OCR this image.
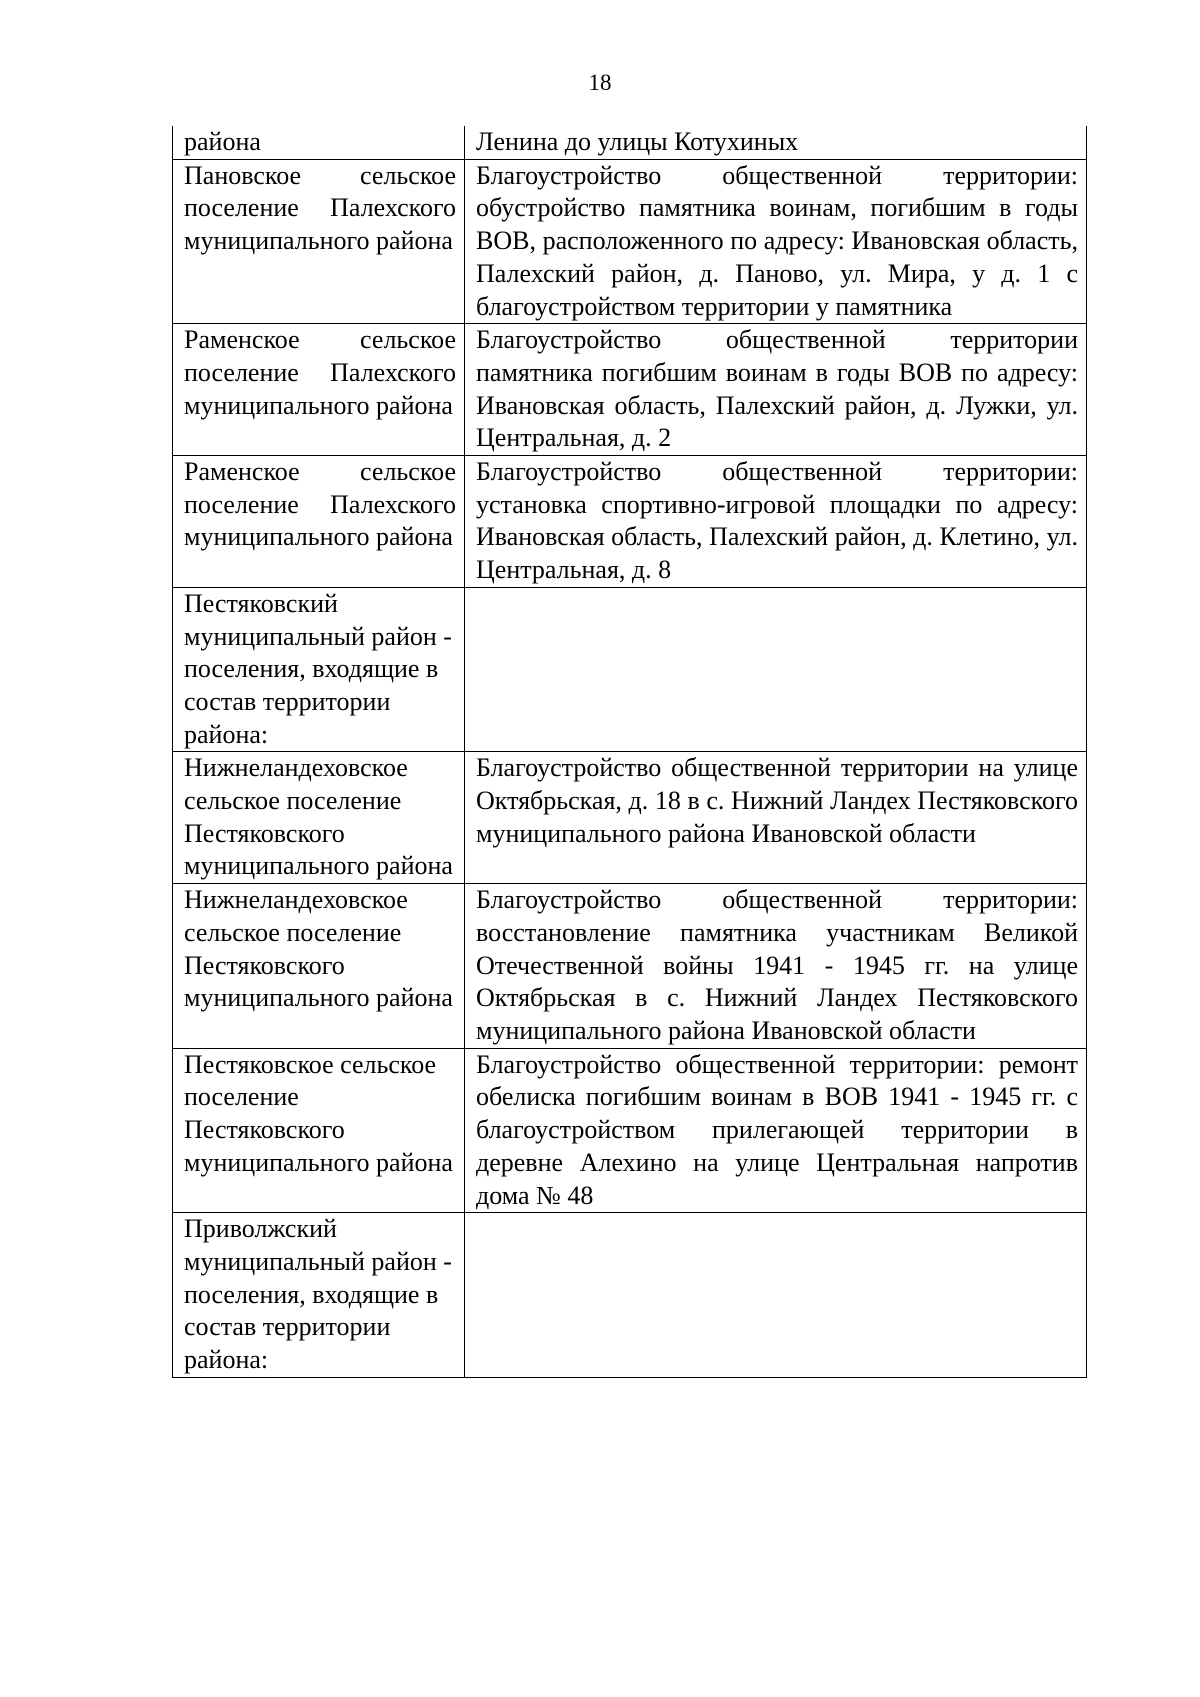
18
района	Ленина до улицы Котухиных

Пановское сельское поселение Палехского муниципального района	Благоустройство общественной территории: обустройство памятника воинам, погибшим в годы ВОВ, расположенного по адресу: Ивановская область, Палехский район, д. Паново, ул. Мира, у д. 1 с благоустройством территории у памятника

Раменское сельское поселение Палехского муниципального района	Благоустройство общественной территории памятника погибшим воинам в годы ВОВ по адресу: Ивановская область, Палехский район, д. Лужки, ул. Центральная, д. 2

Раменское сельское поселение Палехского муниципального района	Благоустройство общественной территории: установка спортивно-игровой площадки по адресу: Ивановская область, Палехский район, д. Клетино, ул. Центральная, д. 8

Пестяковский муниципальный район - поселения, входящие в состав территории района:	

Нижнеландеховское сельское поселение Пестяковского муниципального района	Благоустройство общественной территории на улице Октябрьская, д. 18 в с. Нижний Ландех Пестяковского муниципального района Ивановской области

Нижнеландеховское сельское поселение Пестяковского муниципального района	Благоустройство общественной территории: восстановление памятника участникам Великой Отечественной войны 1941 - 1945 гг. на улице Октябрьская в с. Нижний Ландех Пестяковского муниципального района Ивановской области

Пестяковское сельское поселение Пестяковского муниципального района	Благоустройство общественной территории: ремонт обелиска погибшим воинам в ВОВ 1941 - 1945 гг. с благоустройством прилегающей территории в деревне Алехино на улице Центральная напротив дома № 48

Приволжский муниципальный район - поселения, входящие в состав территории района:	
